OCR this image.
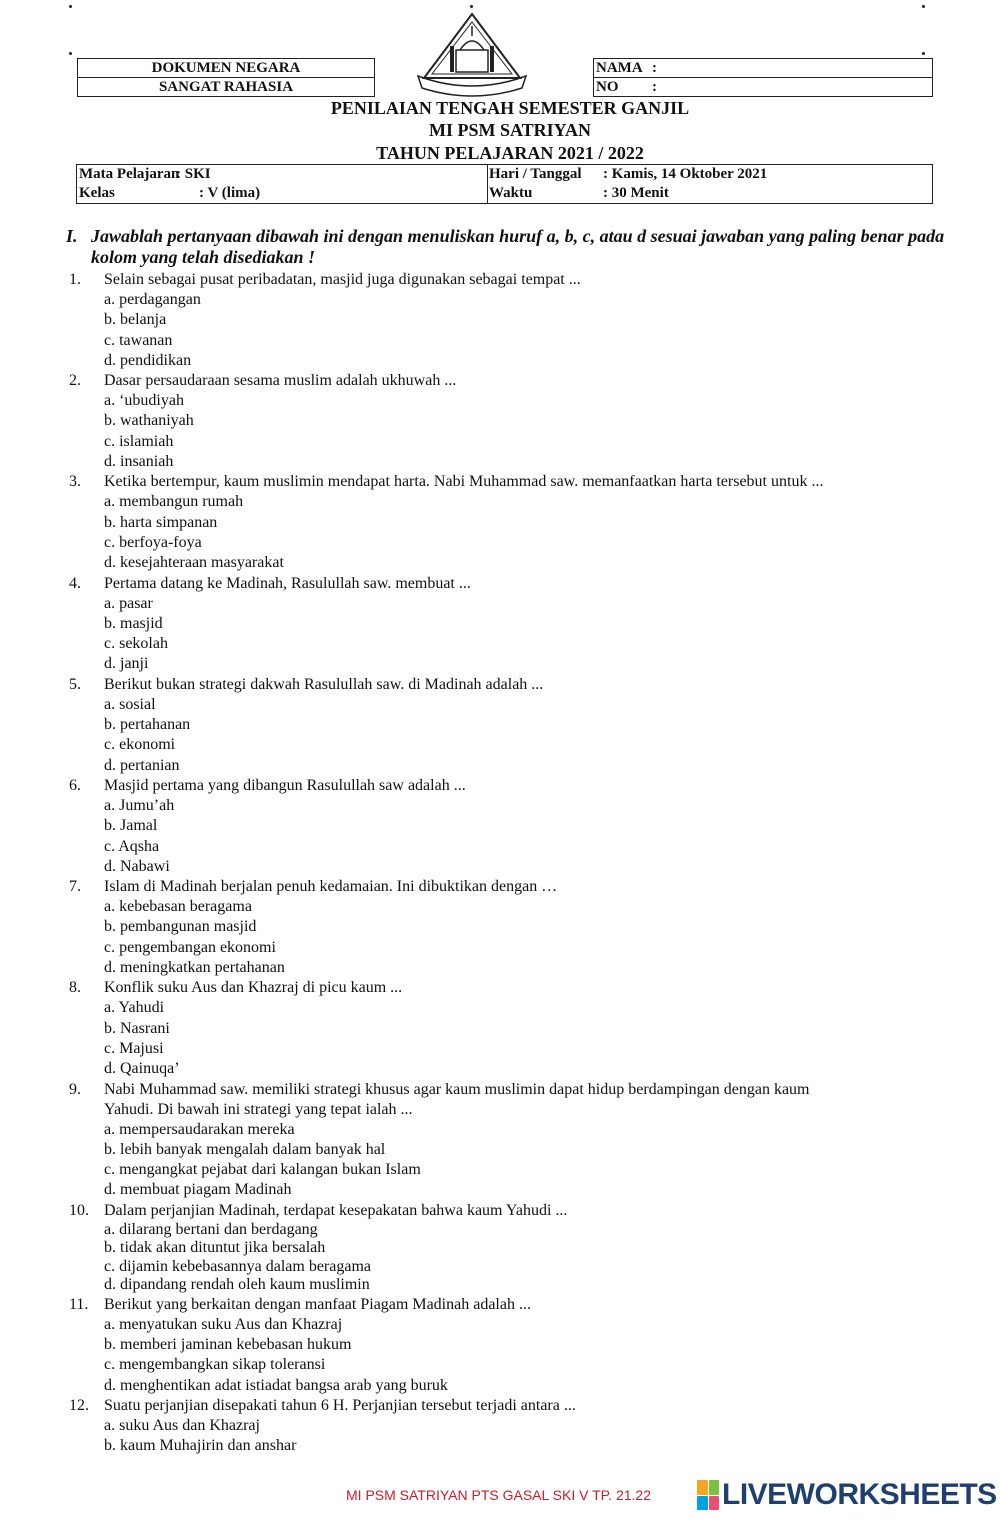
DOKUMEN NEGARA
SANGAT RAHASIA
NAMA :
NO :
PENILAIAN TENGAH SEMESTER GANJIL
MI PSM SATRIYAN
TAHUN PELAJARAN 2021 / 2022
Mata Pelajaran: SKI
Kelas	: V (lima)
Hari / Tanggal : Kamis, 14 Oktober 2021
Waktu	: 30 Menit
I. Jawablah pertanyaan dibawah ini dengan menuliskan huruf a, b, c, atau d sesuai jawaban yang paling benar pada kolom yang telah disediakan !
1. Selain sebagai pusat peribadatan, masjid juga digunakan sebagai tempat ...
a. perdagangan
b. belanja
c. tawanan
d. pendidikan
2. Dasar persaudaraan sesama muslim adalah ukhuwah ...
a. ‘ubudiyah
b. wathaniyah
c. islamiah
d. insaniah
3. Ketika bertempur, kaum muslimin mendapat harta. Nabi Muhammad saw. memanfaatkan harta tersebut untuk ...
a. membangun rumah
b. harta simpanan
c. berfoya-foya
d. kesejahteraan masyarakat
4. Pertama datang ke Madinah, Rasulullah saw. membuat ...
a. pasar
b. masjid
c. sekolah
d. janji
5. Berikut bukan strategi dakwah Rasulullah saw. di Madinah adalah ...
a. sosial
b. pertahanan
c. ekonomi
d. pertanian
6. Masjid pertama yang dibangun Rasulullah saw adalah ...
a. Jumu’ah
b. Jamal
c. Aqsha
d. Nabawi
7. Islam di Madinah berjalan penuh kedamaian. Ini dibuktikan dengan …
a. kebebasan beragama
b. pembangunan masjid
c. pengembangan ekonomi
d. meningkatkan pertahanan
8. Konflik suku Aus dan Khazraj di picu kaum ...
a. Yahudi
b. Nasrani
c. Majusi
d. Qainuqa’
9. Nabi Muhammad saw. memiliki strategi khusus agar kaum muslimin dapat hidup berdampingan dengan kaum
Yahudi. Di bawah ini strategi yang tepat ialah ...
a. mempersaudarakan mereka
b. lebih banyak mengalah dalam banyak hal
c. mengangkat pejabat dari kalangan bukan Islam
d. membuat piagam Madinah
10. Dalam perjanjian Madinah, terdapat kesepakatan bahwa kaum Yahudi ...
a. dilarang bertani dan berdagang
b. tidak akan dituntut jika bersalah
c. dijamin kebebasannya dalam beragama
d. dipandang rendah oleh kaum muslimin
11. Berikut yang berkaitan dengan manfaat Piagam Madinah adalah ...
a. menyatukan suku Aus dan Khazraj
b. memberi jaminan kebebasan hukum
c. mengembangkan sikap toleransi
d. menghentikan adat istiadat bangsa arab yang buruk
12. Suatu perjanjian disepakati tahun 6 H. Perjanjian tersebut terjadi antara ...
a. suku Aus dan Khazraj
b. kaum Muhajirin dan anshar
MI PSM SATRIYAN PTS GASAL SKI V TP. 21.22 LIVEWORKSHEETS
